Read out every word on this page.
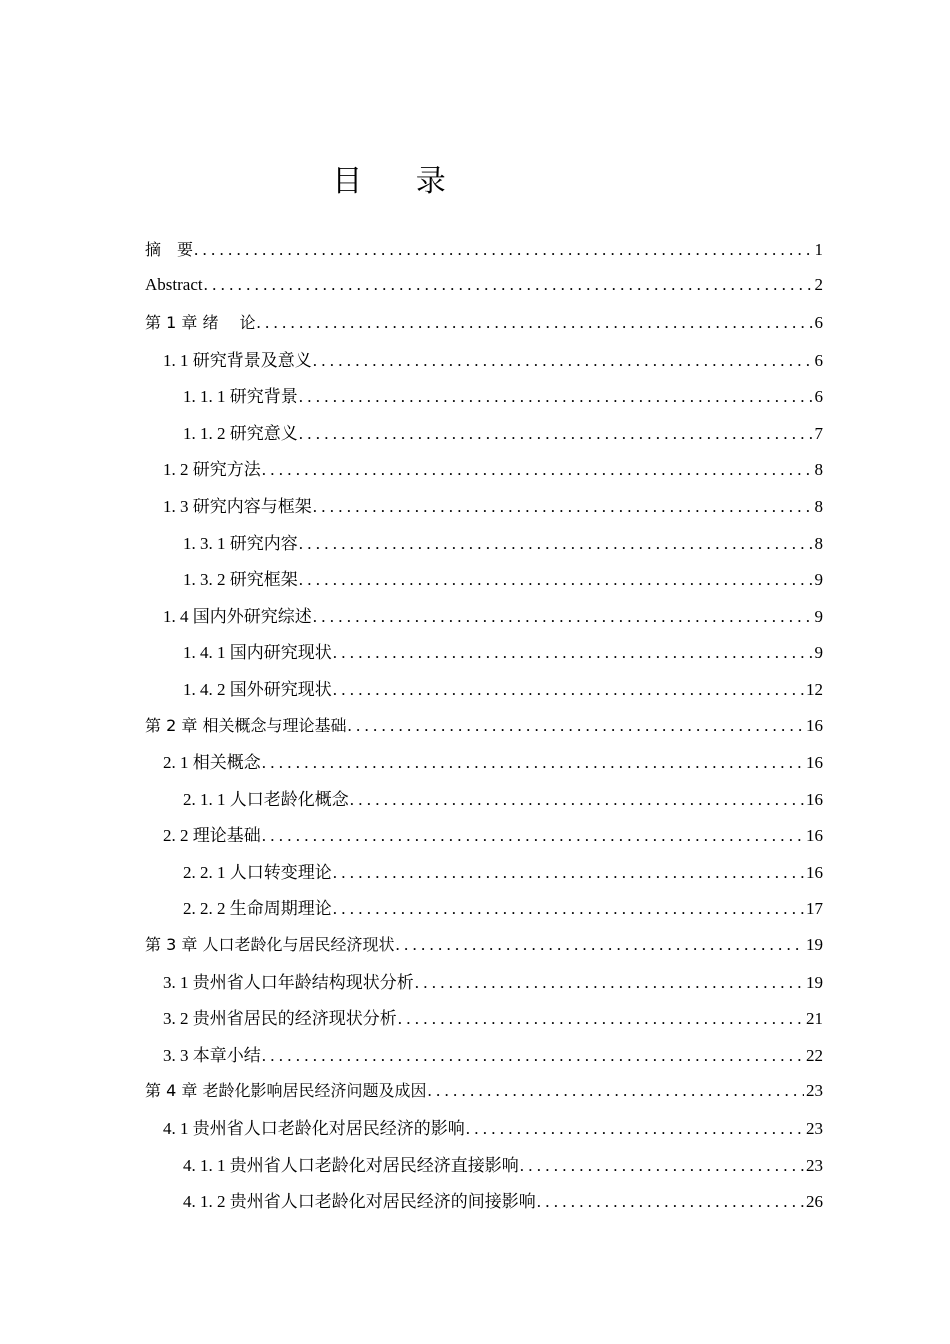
目 录
摘　要 . . .	1
Abstract . . .	2
第 1 章 绪　 论 . . .	6
1. 1 研究背景及意义 . . .	6
1. 1. 1 研究背景 . . .	6
1. 1. 2 研究意义 . . .	7
1. 2 研究方法 . . .	8
1. 3 研究内容与框架 . . .	8
1. 3. 1 研究内容 . . .	8
1. 3. 2 研究框架 . . .	9
1. 4 国内外研究综述 . . .	9
1. 4. 1 国内研究现状 . . .	9
1. 4. 2 国外研究现状 . . .	12
第 2 章 相关概念与理论基础 . . .	16
2. 1 相关概念 . . .	16
2. 1. 1 人口老龄化概念 . . .	16
2. 2 理论基础 . . .	16
2. 2. 1 人口转变理论 . . .	16
2. 2. 2 生命周期理论 . . .	17
第 3 章 人口老龄化与居民经济现状 . . .	19
3. 1 贵州省人口年龄结构现状分析 . . .	19
3. 2 贵州省居民的经济现状分析 . . .	21
3. 3 本章小结 . . .	22
第 4 章 老龄化影响居民经济问题及成因 . . .	23
4. 1 贵州省人口老龄化对居民经济的影响 . . .	23
4. 1. 1 贵州省人口老龄化对居民经济直接影响 . . .	23
4. 1. 2 贵州省人口老龄化对居民经济的间接影响 . . .	26
